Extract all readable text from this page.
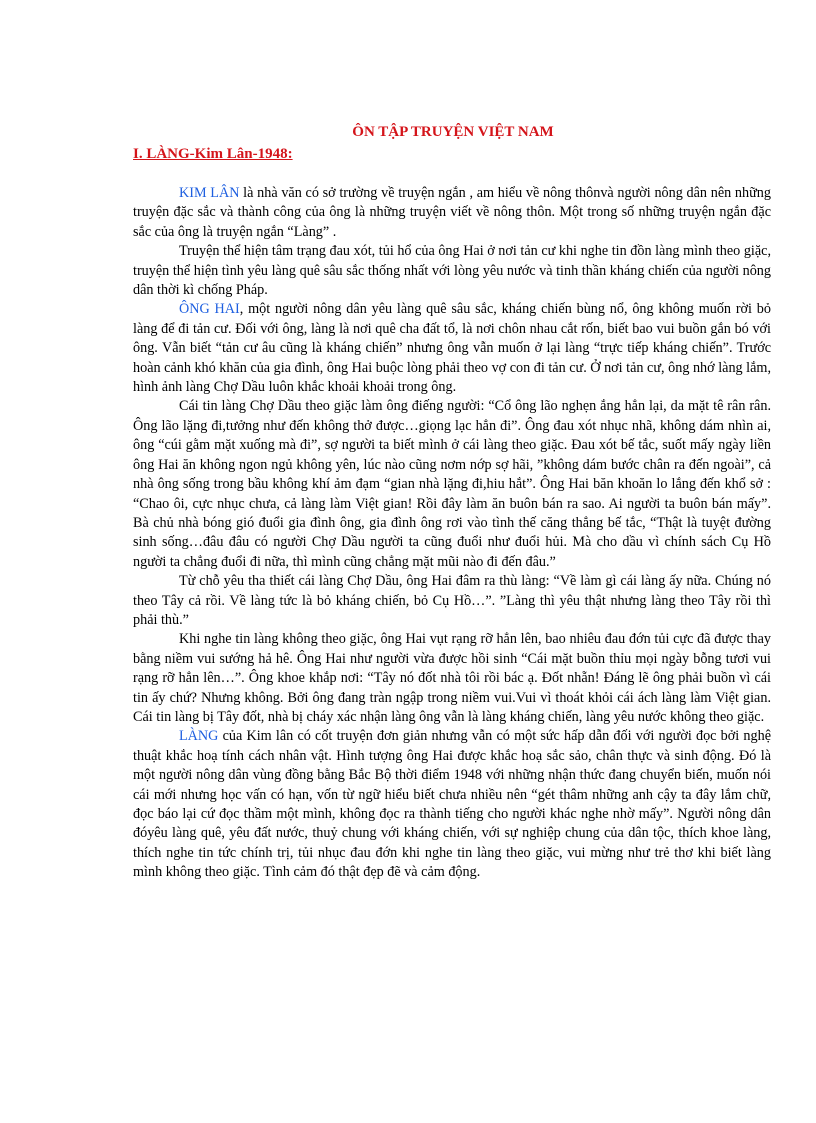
ÔN TẬP TRUYỆN VIỆT NAM
I. LÀNG-Kim Lân-1948:

KIM LÂN là nhà văn có sở trường về truyện ngắn , am hiểu về nông thônvà người nông dân nên những truyện đặc sắc và thành công của ông là những truyện viết về nông thôn. Một trong số những truyện ngắn đặc sắc của ông là truyện ngắn “Làng” .

Truyện thể hiện tâm trạng đau xót, tủi hổ của ông Hai ở nơi tản cư khi nghe tin đồn làng mình theo giặc, truyện thể hiện tình yêu làng quê sâu sắc thống nhất với lòng yêu nước và tinh thần kháng chiến của người nông dân thời kì chống Pháp.

ÔNG HAI, một người nông dân yêu làng quê sâu sắc, kháng chiến bùng nổ, ông không muốn rời bỏ làng để đi tản cư. Đối với ông, làng là nơi quê cha đất tổ, là nơi chôn nhau cắt rốn, biết bao vui buồn gắn bó với ông. Vẫn biết “tản cư âu cũng là kháng chiến” nhưng ông vẫn muốn ở lại làng “trực tiếp kháng chiến”. Trước hoàn cảnh khó khăn của gia đình, ông Hai buộc lòng phải theo vợ con đi tản cư. Ở nơi tản cư, ông nhớ làng lắm, hình ảnh làng Chợ Dầu luôn khắc khoải khoải trong ông.

Cái tin làng Chợ Dầu theo giặc làm ông điếng người: “Cổ ông lão nghẹn ắng hẳn lại, da mặt tê rân rân. Ông lão lặng đi,tưởng như đến không thở được…giọng lạc hẳn đi”. Ông đau xót nhục nhã, không dám nhìn ai, ông “cúi gằm mặt xuống mà đi”, sợ người ta biết mình ở cái làng theo giặc. Đau xót bế tắc, suốt mấy ngày liền ông Hai ăn không ngon ngủ không yên, lúc nào cũng nơm nớp sợ hãi, ”không dám bước chân ra đến ngoài”, cả nhà ông sống trong bầu không khí ảm đạm “gian nhà lặng đi,hiu hắt”. Ông Hai băn khoăn lo lắng đến khổ sở : “Chao ôi, cực nhục chưa, cả làng làm Việt gian! Rồi đây làm ăn buôn bán ra sao. Ai người ta buôn bán mấy”. Bà chủ nhà bóng gió đuổi gia đình ông, gia đình ông rơi vào tình thế căng thẳng bế tắc, “Thật là tuyệt đường sinh sống…đâu đâu có người Chợ Dầu người ta cũng đuổi như đuổi hủi. Mà cho dầu vì chính sách Cụ Hồ người ta chẳng đuổi đi nữa, thì mình cũng chẳng mặt mũi nào đi đến đâu.”

Từ chỗ yêu tha thiết cái làng Chợ Dầu, ông Hai đâm ra thù làng: “Về làm gì cái làng ấy nữa. Chúng nó theo Tây cả rồi. Về làng tức là bỏ kháng chiến, bỏ Cụ Hồ…”. ”Làng thì yêu thật nhưng làng theo Tây rồi thì phải thù.”

Khi nghe tin làng không theo giặc, ông Hai vụt rạng rỡ hẳn lên, bao nhiêu đau đớn tủi cực đã được thay bằng niềm vui sướng hả hê. Ông Hai như người vừa được hồi sinh “Cái mặt buồn thỉu mọi ngày bỗng tươi vui rạng rỡ hẳn lên…”. Ông khoe khắp nơi: “Tây nó đốt nhà tôi rồi bác ạ. Đốt nhẵn! Đáng lẽ ông phải buồn vì cái tin ấy chứ? Nhưng không. Bởi ông đang tràn ngập trong niềm vui.Vui vì thoát khỏi cái ách làng làm Việt gian. Cái tin làng bị Tây đốt, nhà bị cháy xác nhận làng ông vẫn là làng kháng chiến, làng yêu nước không theo giặc.

LÀNG của Kim lân có cốt truyện đơn giản nhưng vẫn có một sức hấp dẫn đối với người đọc bởi nghệ thuật khắc hoạ tính cách nhân vật. Hình tượng ông Hai được khắc hoạ sắc sảo, chân thực và sinh động. Đó là một người nông dân vùng đồng bằng Bắc Bộ thời điểm 1948 với những nhận thức đang chuyển biến, muốn nói cái mới nhưng học vấn có hạn, vốn từ ngữ hiểu biết chưa nhiều nên “gét thâm những anh cậy ta đây lắm chữ, đọc báo lại cứ đọc thầm một mình, không đọc ra thành tiếng cho người khác nghe nhờ mấy”. Người nông dân đóyêu làng quê, yêu đất nước, thuỷ chung với kháng chiến, với sự nghiệp chung của dân tộc, thích khoe làng, thích nghe tin tức chính trị, tủi nhục đau đớn khi nghe tin làng theo giặc, vui mừng như trẻ thơ khi biết làng mình không theo giặc. Tình cảm đó thật đẹp đẽ và cảm động.
